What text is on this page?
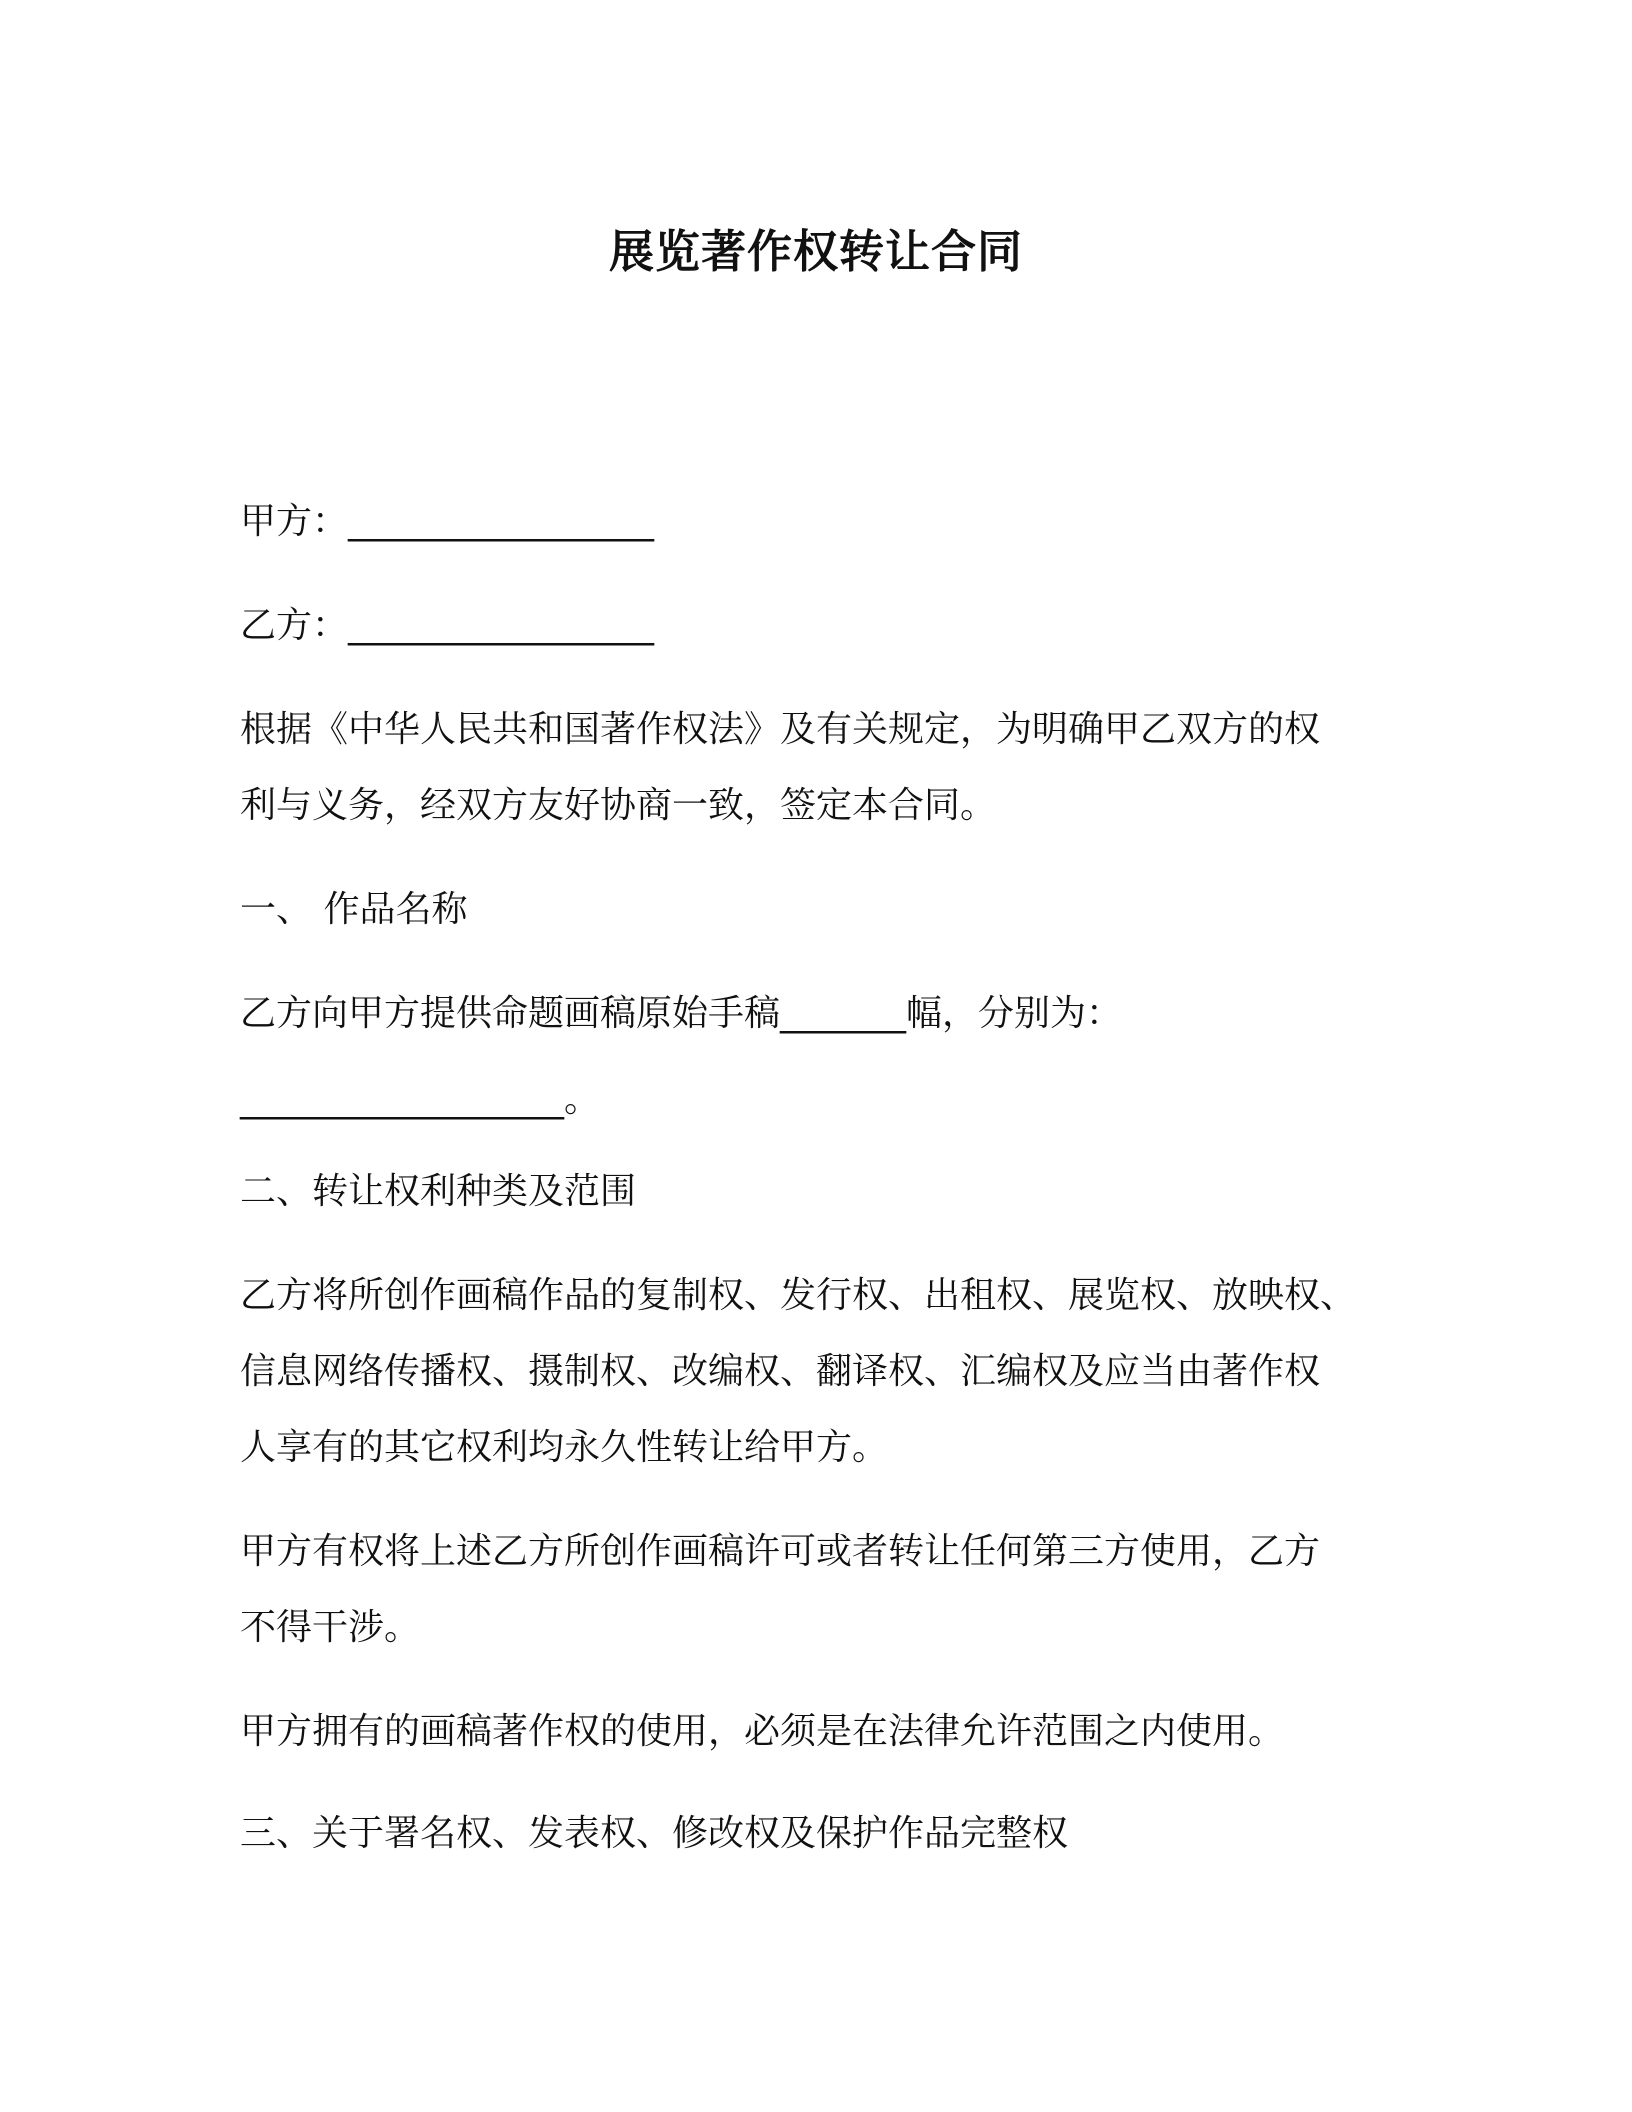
展览著作权转让合同
甲方：_________________
乙方：_________________
根据《中华人民共和国著作权法》及有关规定，为明确甲乙双方的权
利与义务，经双方友好协商一致，签定本合同。
一、 作品名称
乙方向甲方提供命题画稿原始手稿_______幅，分别为：
__________________。
二、转让权利种类及范围
乙方将所创作画稿作品的复制权、发行权、出租权、展览权、放映权、
信息网络传播权、摄制权、改编权、翻译权、汇编权及应当由著作权
人享有的其它权利均永久性转让给甲方。
甲方有权将上述乙方所创作画稿许可或者转让任何第三方使用，乙方
不得干涉。
甲方拥有的画稿著作权的使用，必须是在法律允许范围之内使用。
三、关于署名权、发表权、修改权及保护作品完整权
